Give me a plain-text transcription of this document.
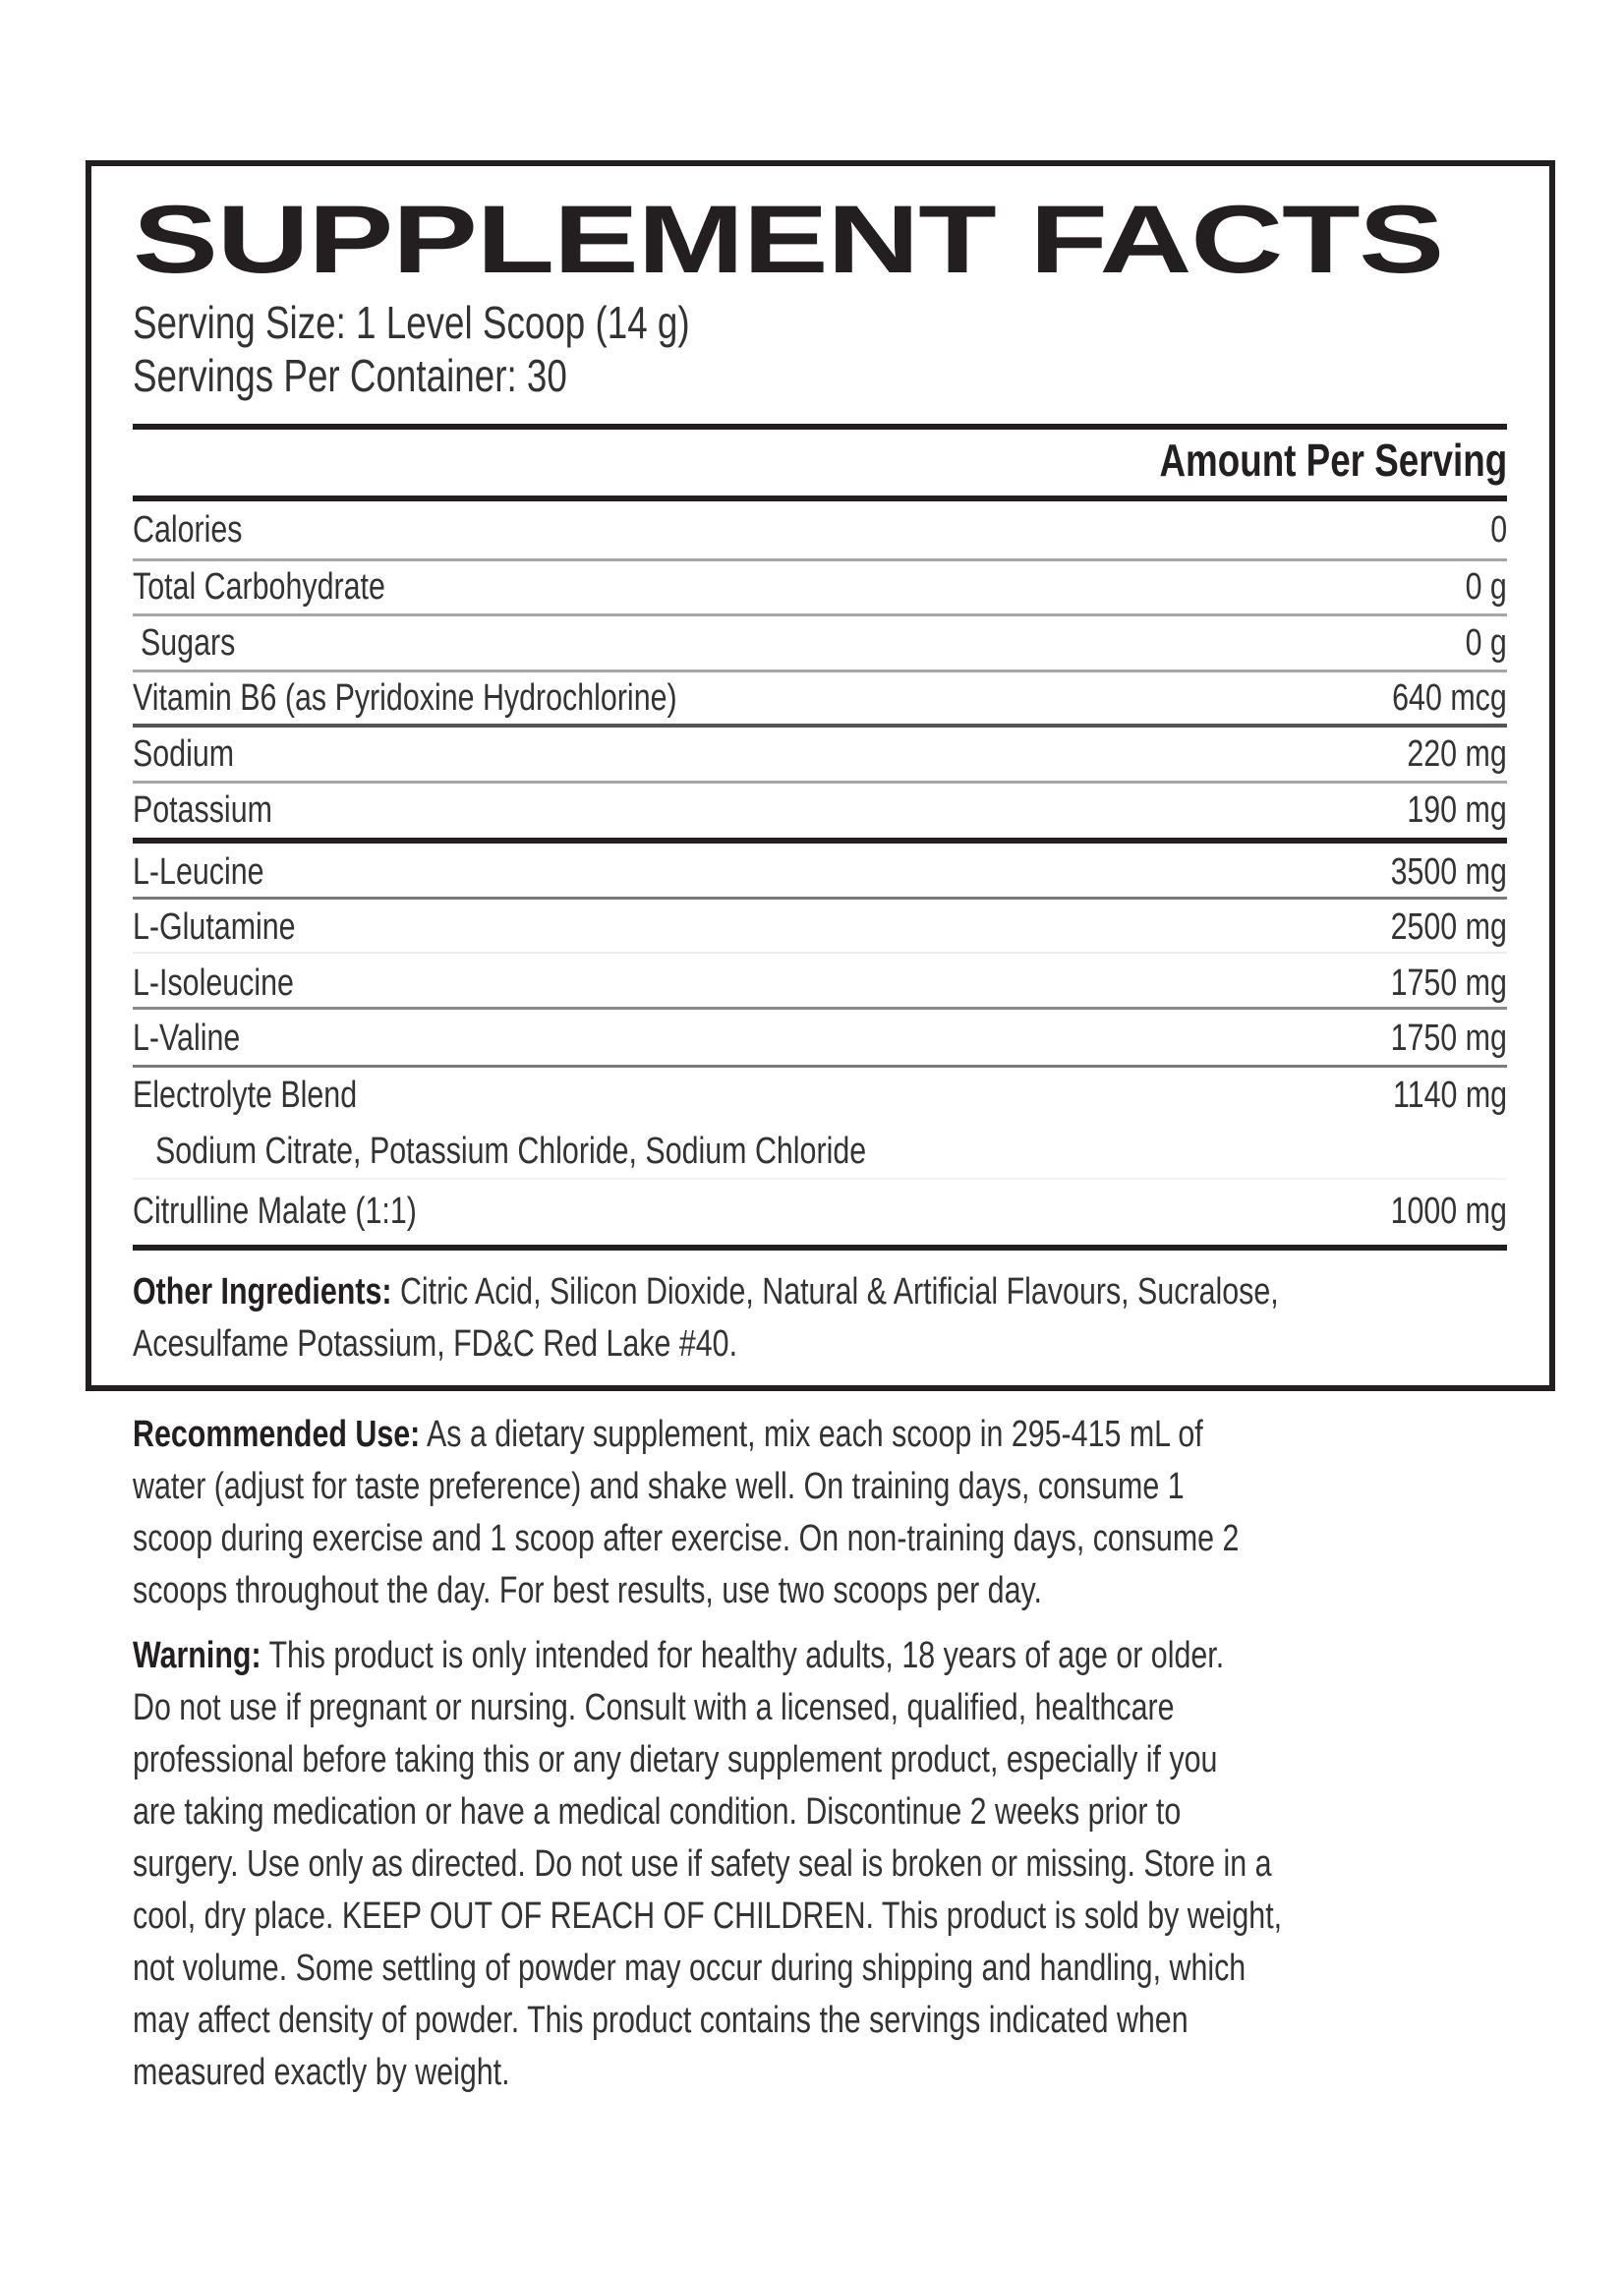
SUPPLEMENT FACTS
Serving Size: 1 Level Scoop (14 g)
Servings Per Container: 30
Amount Per Serving
Calories	0
Total Carbohydrate	0 g
Sugars	0 g
Vitamin B6 (as Pyridoxine Hydrochlorine)	640 mcg
Sodium	220 mg
Potassium	190 mg
L-Leucine	3500 mg
L-Glutamine	2500 mg
L-Isoleucine	1750 mg
L-Valine	1750 mg
Electrolyte Blend	1140 mg
Sodium Citrate, Potassium Chloride, Sodium Chloride
Citrulline Malate (1:1)	1000 mg
Other Ingredients: Citric Acid, Silicon Dioxide, Natural & Artificial Flavours, Sucralose,
Acesulfame Potassium, FD&C Red Lake #40.
Recommended Use: As a dietary supplement, mix each scoop in 295-415 mL of
water (adjust for taste preference) and shake well. On training days, consume 1
scoop during exercise and 1 scoop after exercise. On non-training days, consume 2
scoops throughout the day. For best results, use two scoops per day.
Warning: This product is only intended for healthy adults, 18 years of age or older.
Do not use if pregnant or nursing. Consult with a licensed, qualified, healthcare
professional before taking this or any dietary supplement product, especially if you
are taking medication or have a medical condition. Discontinue 2 weeks prior to
surgery. Use only as directed. Do not use if safety seal is broken or missing. Store in a
cool, dry place. KEEP OUT OF REACH OF CHILDREN. This product is sold by weight,
not volume. Some settling of powder may occur during shipping and handling, which
may affect density of powder. This product contains the servings indicated when
measured exactly by weight.
